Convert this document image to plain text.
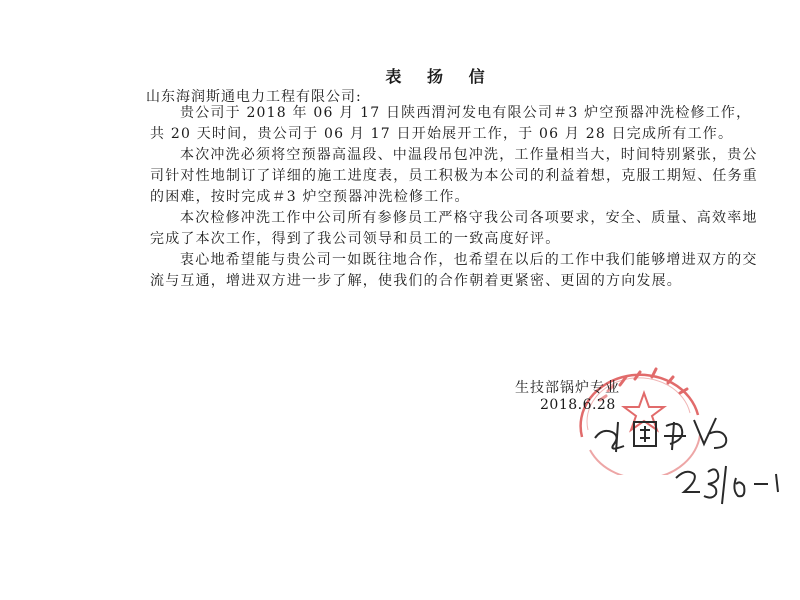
表 扬 信
山东海润斯通电力工程有限公司:

贵公司于 2018 年 06 月 17 日陕西渭河发电有限公司＃3 炉空预器冲洗检修工作，共 20 天时间，贵公司于 06 月 17 日开始展开工作，于 06 月 28 日完成所有工作。

本次冲洗必须将空预器高温段、中温段吊包冲洗，工作量相当大，时间特别紧张，贵公司针对性地制订了详细的施工进度表，员工积极为本公司的利益着想，克服工期短、任务重的困难，按时完成＃3 炉空预器冲洗检修工作。

本次检修冲洗工作中公司所有参修员工严格守我公司各项要求，安全、质量、高效率地完成了本次工作，得到了我公司领导和员工的一致高度好评。

衷心地希望能与贵公司一如既往地合作，也希望在以后的工作中我们能够增进双方的交流与互通，增进双方进一步了解，使我们的合作朝着更紧密、更固的方向发展。

生技部锅炉专业
2018.6.28
